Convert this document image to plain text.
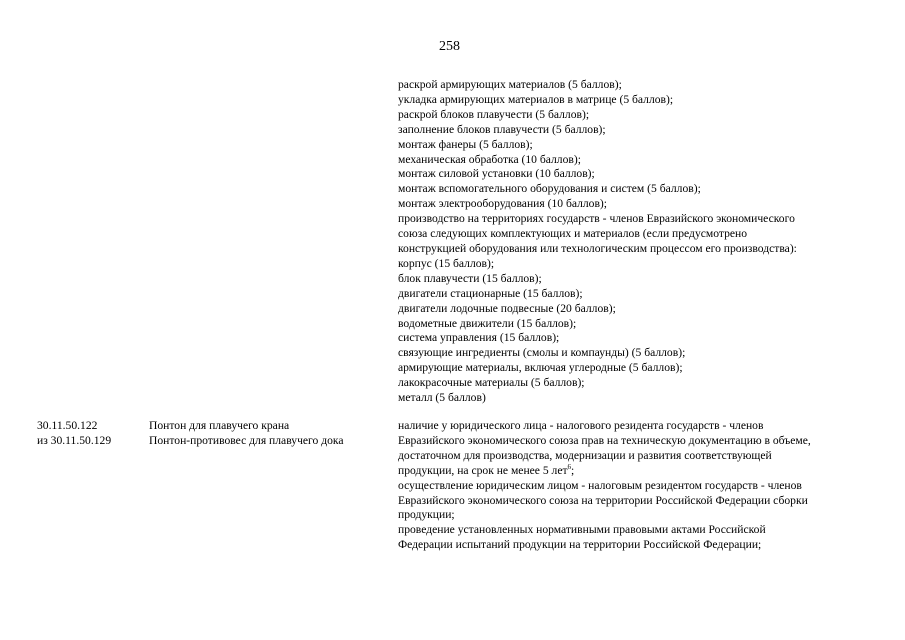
258
раскрой армирующих материалов (5 баллов);
укладка армирующих материалов в матрице (5 баллов);
раскрой блоков плавучести (5 баллов);
заполнение блоков плавучести (5 баллов);
монтаж фанеры (5 баллов);
механическая обработка (10 баллов);
монтаж силовой установки (10 баллов);
монтаж вспомогательного оборудования и систем (5 баллов);
монтаж электрооборудования (10 баллов);
производство на территориях государств - членов Евразийского экономического
союза следующих комплектующих и материалов (если предусмотрено
конструкцией оборудования или технологическим процессом его производства):
корпус (15 баллов);
блок плавучести (15 баллов);
двигатели стационарные (15 баллов);
двигатели лодочные подвесные (20 баллов);
водометные движители (15 баллов);
система управления (15 баллов);
связующие ингредиенты (смолы и компаунды) (5 баллов);
армирующие материалы, включая углеродные (5 баллов);
лакокрасочные материалы (5 баллов);
металл (5 баллов)
30.11.50.122
из 30.11.50.129
Понтон для плавучего крана
Понтон-противовес для плавучего дока
наличие у юридического лица - налогового резидента государств - членов
Евразийского экономического союза прав на техническую документацию в объеме,
достаточном для производства, модернизации и развития соответствующей
продукции, на срок не менее 5 лет$^6$;
осуществление юридическим лицом - налоговым резидентом государств - членов
Евразийского экономического союза на территории Российской Федерации сборки
продукции;
проведение установленных нормативными правовыми актами Российской
Федерации испытаний продукции на территории Российской Федерации;
